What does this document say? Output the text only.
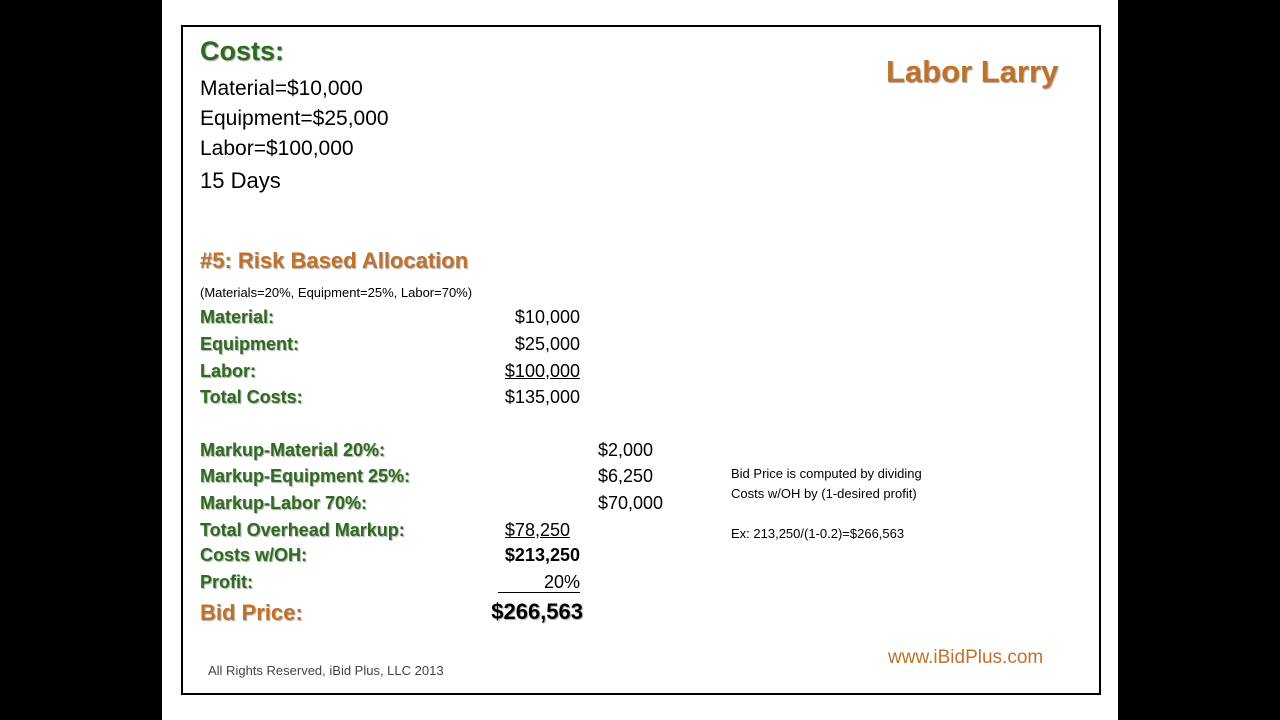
Costs:
Material=$10,000
Equipment=$25,000
Labor=$100,000
15 Days
Labor Larry
#5: Risk Based Allocation
(Materials=20%, Equipment=25%, Labor=70%)
Material:	$10,000
Equipment:	$25,000
Labor:	$100,000
Total Costs:	$135,000
Markup-Material 20%:	$2,000
Markup-Equipment 25%:	$6,250
Markup-Labor 70%:	$70,000
Total Overhead Markup:	$78,250
Costs w/OH:	$213,250
Profit:	20%
Bid Price:	$266,563
Bid Price is computed by dividing
Costs w/OH by (1-desired profit)
Ex: 213,250/(1-0.2)=$266,563
All Rights Reserved, iBid Plus, LLC 2013
www.iBidPlus.com
